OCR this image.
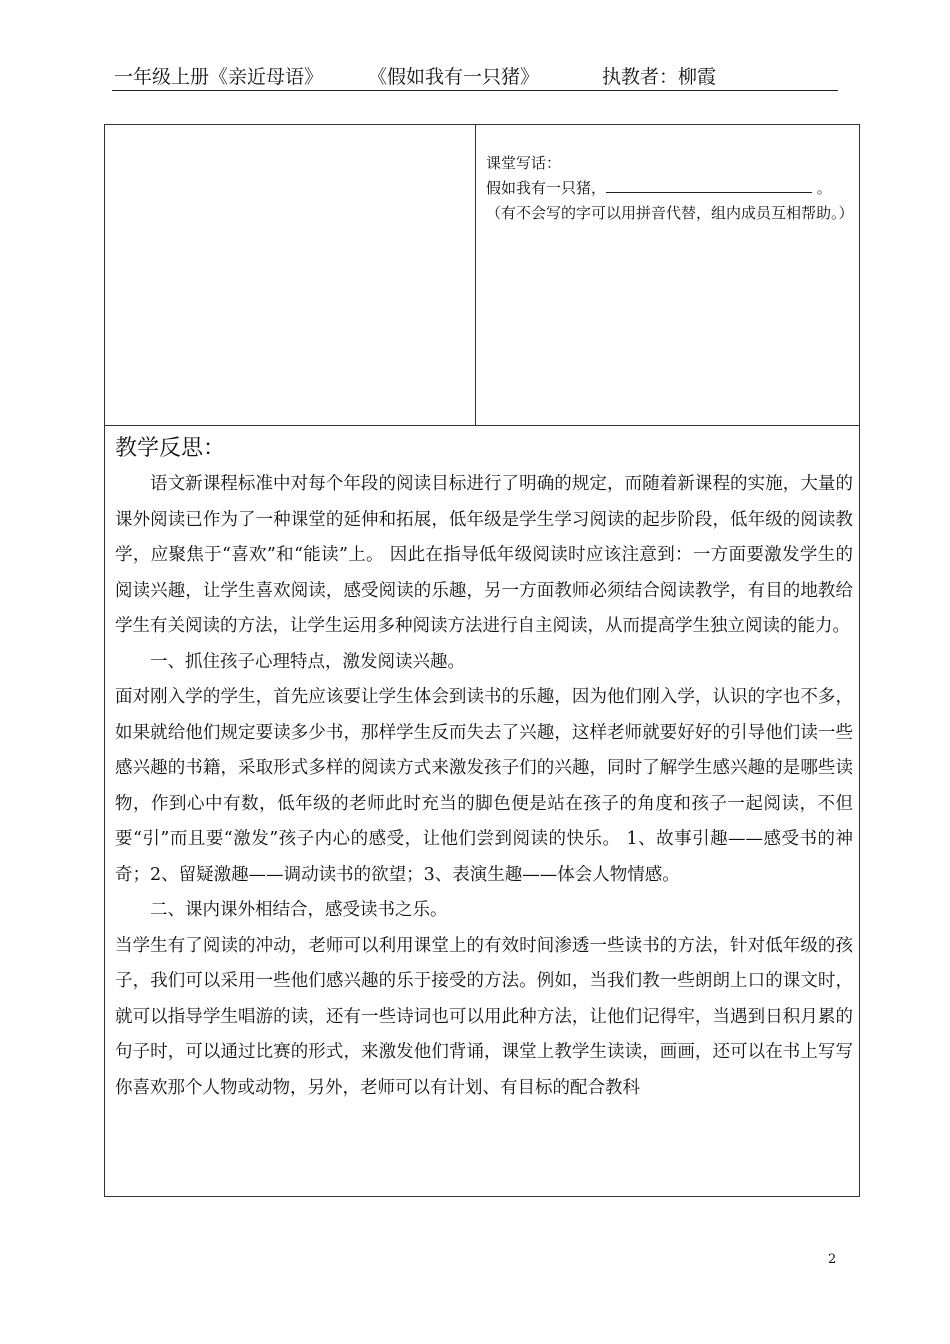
一年级上册《亲近母语》 《假如我有一只猪》	执教者：柳霞

课堂写话：

假如我有一只猪，	。

（有不会写的字可以用拼音代替，组内成员互相帮助。）

教学反思：

语文新课程标准中对每个年段的阅读目标进行了明确的规定，而随着新课程的实施，大量的课外阅读已作为了一种课堂的延伸和拓展，低年级是学生学习阅读的起步阶段，低年级的阅读教学，应聚焦于“喜欢”和“能读”上。 因此在指导低年级阅读时应该注意到：一方面要激发学生的阅读兴趣，让学生喜欢阅读，感受阅读的乐趣，另一方面教师必须结合阅读教学，有目的地教给学生有关阅读的方法，让学生运用多种阅读方法进行自主阅读，从而提高学生独立阅读的能力。

一、抓住孩子心理特点，激发阅读兴趣。

面对刚入学的学生，首先应该要让学生体会到读书的乐趣，因为他们刚入学，认识的字也不多，如果就给他们规定要读多少书，那样学生反而失去了兴趣，这样老师就要好好的引导他们读一些感兴趣的书籍，采取形式多样的阅读方式来激发孩子们的兴趣，同时了解学生感兴趣的是哪些读物，作到心中有数，低年级的老师此时充当的脚色便是站在孩子的角度和孩子一起阅读，不但要“引”而且要“激发”孩子内心的感受，让他们尝到阅读的快乐。 1、故事引趣——感受书的神奇；2、留疑激趣——调动读书的欲望；3、表演生趣——体会人物情感。

二、课内课外相结合，感受读书之乐。

当学生有了阅读的冲动，老师可以利用课堂上的有效时间渗透一些读书的方法，针对低年级的孩子，我们可以采用一些他们感兴趣的乐于接受的方法。例如，当我们教一些朗朗上口的课文时，就可以指导学生唱游的读，还有一些诗词也可以用此种方法，让他们记得牢，当遇到日积月累的句子时，可以通过比赛的形式，来激发他们背诵，课堂上教学生读读，画画，还可以在书上写写你喜欢那个人物或动物，另外，老师可以有计划、有目标的配合教科

2
